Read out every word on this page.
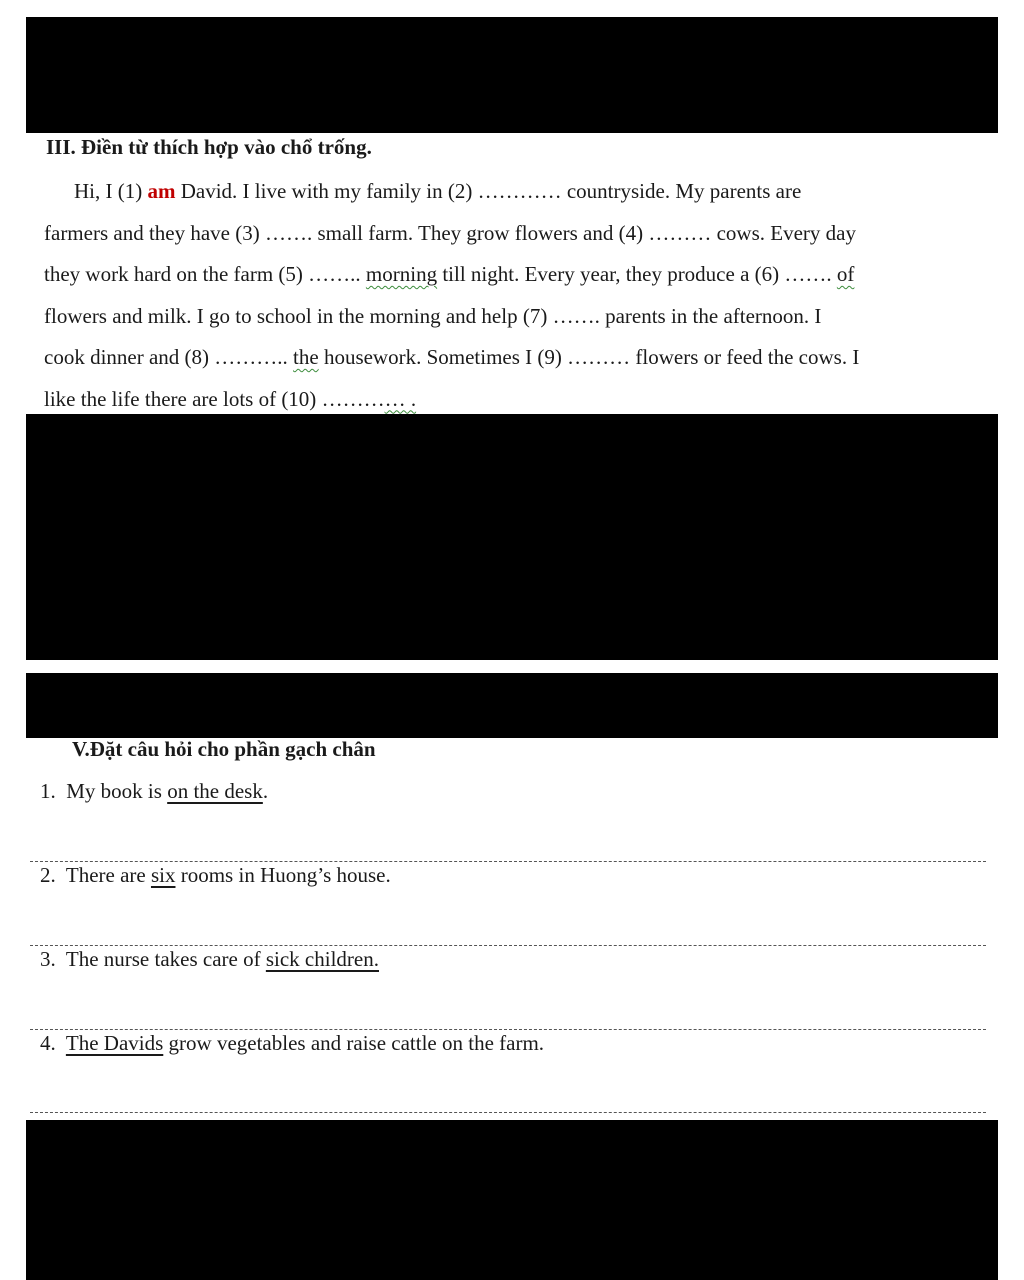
III. Điền từ thích hợp vào chổ trống.
Hi, I (1) am David. I live with my family in (2) ………… countryside. My parents are
farmers and they have (3) ……. small farm. They grow flowers and (4) ……… cows. Every day
they work hard on the farm (5) …….. morning till night. Every year, they produce a (6) ……. of
flowers and milk. I go to school in the morning and help (7) ……. parents in the afternoon. I
cook dinner and (8) ……….. the housework. Sometimes I (9) ……… flowers or feed the cows. I
like the life there are lots of (10) ………… .
V.Đặt câu hỏi cho phần gạch chân
1.  My book is on the desk.
2.  There are six rooms in Huong’s house.
3.  The nurse takes care of sick children.
4.  The Davids grow vegetables and raise cattle on the farm.
